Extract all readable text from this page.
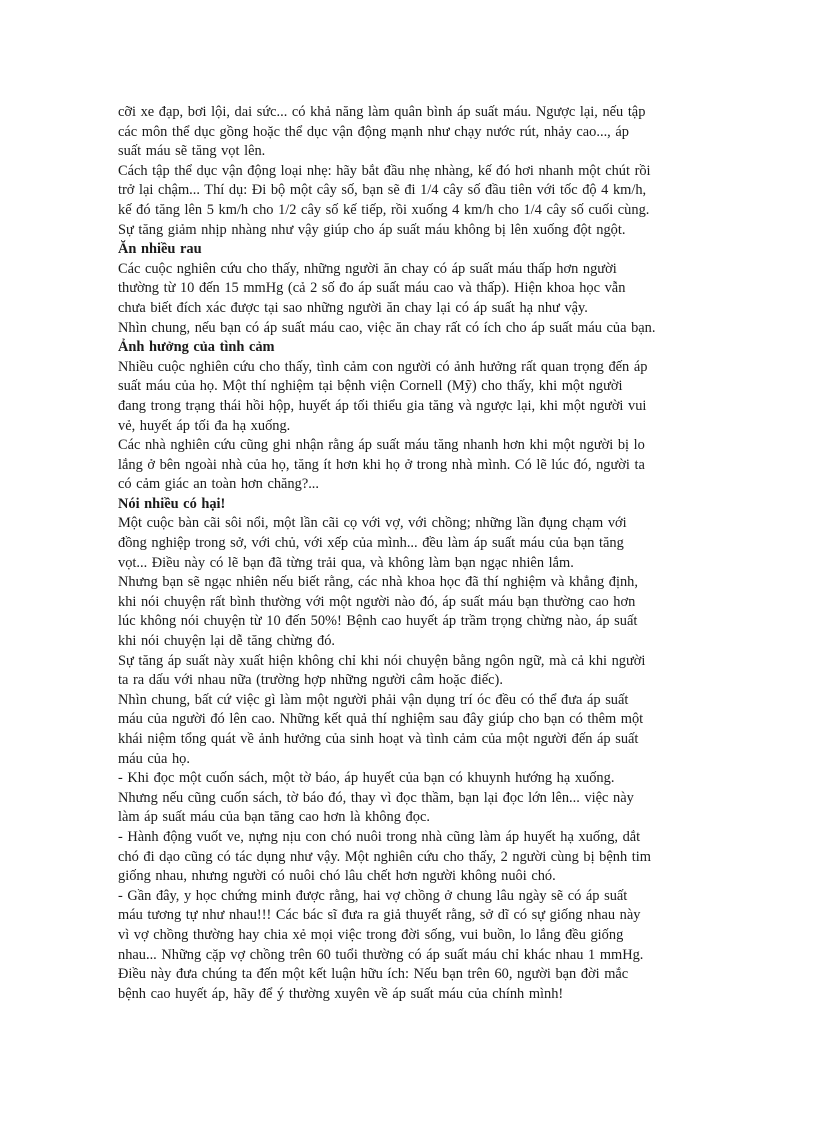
cỡi xe đạp, bơi lội, dai sức... có khả năng làm quân bình áp suất máu. Ngược lại, nếu tập
các môn thể dục gồng hoặc thể dục vận động mạnh như chạy nước rút, nhảy cao..., áp
suất máu sẽ tăng vọt lên.
Cách tập thể dục vận động loại nhẹ: hãy bắt đầu nhẹ nhàng, kế đó hơi nhanh một chút rồi
trở lại chậm... Thí dụ: Đi bộ một cây số, bạn sẽ đi 1/4 cây số đầu tiên với tốc độ 4 km/h,
kế đó tăng lên 5 km/h cho 1/2 cây số kế tiếp, rồi xuống 4 km/h cho 1/4 cây số cuối cùng.
Sự tăng giảm nhịp nhàng như vậy giúp cho áp suất máu không bị lên xuống đột ngột.
Ăn nhiều rau
Các cuộc nghiên cứu cho thấy, những người ăn chay có áp suất máu thấp hơn người
thường từ 10 đến 15 mmHg (cả 2 số đo áp suất máu cao và thấp). Hiện khoa học vẫn
chưa biết đích xác được tại sao những người ăn chay lại có áp suất hạ như vậy.
Nhìn chung, nếu bạn có áp suất máu cao, việc ăn chay rất có ích cho áp suất máu của bạn.
Ảnh hưởng của tình cảm
Nhiều cuộc nghiên cứu cho thấy, tình cảm con người có ảnh hưởng rất quan trọng đến áp
suất máu của họ. Một thí nghiệm tại bệnh viện Cornell (Mỹ) cho thấy, khi một người
đang trong trạng thái hồi hộp, huyết áp tối thiểu gia tăng và ngược lại, khi một người vui
vẻ, huyết áp tối đa hạ xuống.
Các nhà nghiên cứu cũng ghi nhận rằng áp suất máu tăng nhanh hơn khi một người bị lo
lắng ở bên ngoài nhà của họ, tăng ít hơn khi họ ở trong nhà mình. Có lẽ lúc đó, người ta
có cảm giác an toàn hơn chăng?...
Nói nhiều có hại!
Một cuộc bàn cãi sôi nổi, một lần cãi cọ với vợ, với chồng; những lần đụng chạm với
đồng nghiệp trong sở, với chủ, với xếp của mình... đều làm áp suất máu của bạn tăng
vọt... Điều này có lẽ bạn đã từng trải qua, và không làm bạn ngạc nhiên lắm.
Nhưng bạn sẽ ngạc nhiên nếu biết rằng, các nhà khoa học đã thí nghiệm và khẳng định,
khi nói chuyện rất bình thường với một người nào đó, áp suất máu bạn thường cao hơn
lúc không nói chuyện từ 10 đến 50%! Bệnh cao huyết áp trầm trọng chừng nào, áp suất
khi nói chuyện lại dễ tăng chừng đó.
Sự tăng áp suất này xuất hiện không chỉ khi nói chuyện bằng ngôn ngữ, mà cả khi người
ta ra dấu với nhau nữa (trường hợp những người câm hoặc điếc).
Nhìn chung, bất cứ việc gì làm một người phải vận dụng trí óc đều có thể đưa áp suất
máu của người đó lên cao. Những kết quả thí nghiệm sau đây giúp cho bạn có thêm một
khái niệm tổng quát về ảnh hưởng của sinh hoạt và tình cảm của một người đến áp suất
máu của họ.
- Khi đọc một cuốn sách, một tờ báo, áp huyết của bạn có khuynh hướng hạ xuống.
Nhưng nếu cũng cuốn sách, tờ báo đó, thay vì đọc thầm, bạn lại đọc lớn lên... việc này
làm áp suất máu của bạn tăng cao hơn là không đọc.
- Hành động vuốt ve, nựng nịu con chó nuôi trong nhà cũng làm áp huyết hạ xuống, dắt
chó đi dạo cũng có tác dụng như vậy. Một nghiên cứu cho thấy, 2 người cùng bị bệnh tim
giống nhau, nhưng người có nuôi chó lâu chết hơn người không nuôi chó.
- Gần đây, y học chứng minh được rằng, hai vợ chồng ở chung lâu ngày sẽ có áp suất
máu tương tự như nhau!!! Các bác sĩ đưa ra giả thuyết rằng, sở dĩ có sự giống nhau này
vì vợ chồng thường hay chia xẻ mọi việc trong đời sống, vui buồn, lo lắng đều giống
nhau... Những cặp vợ chồng trên 60 tuổi thường có áp suất máu chỉ khác nhau 1 mmHg.
Điều này đưa chúng ta đến một kết luận hữu ích: Nếu bạn trên 60, người bạn đời mắc
bệnh cao huyết áp, hãy để ý thường xuyên về áp suất máu của chính mình!
